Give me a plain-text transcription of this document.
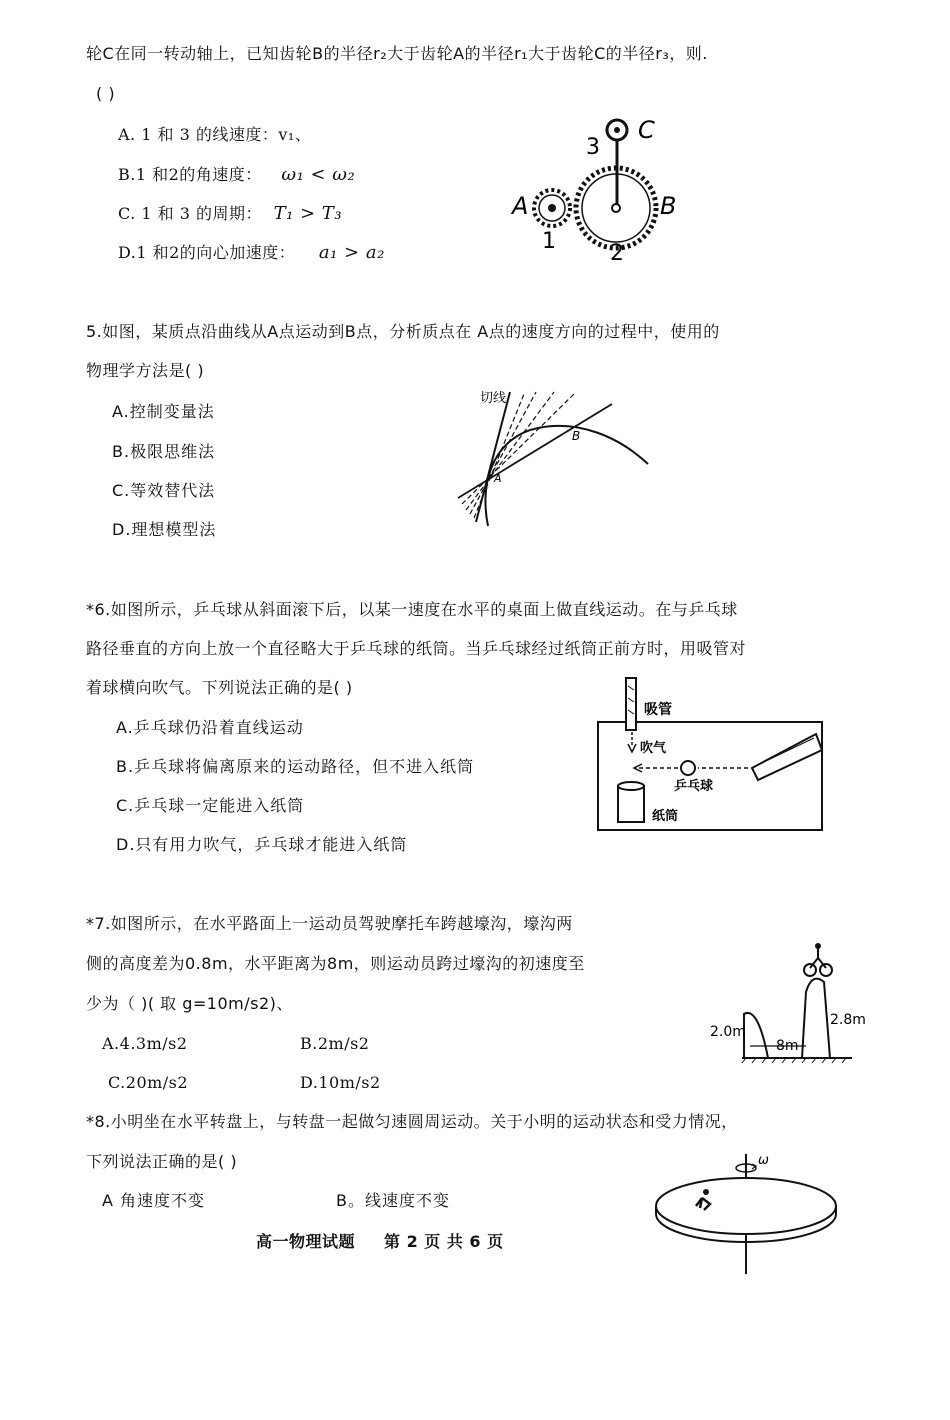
轮C在同一转动轴上，已知齿轮B的半径r₂大于齿轮A的半径r₁大于齿轮C的半径r₃，则.
( )
A. 1 和 3 的线速度：v₁、
B.1 和2的角速度： ω₁ < ω₂
C. 1 和 3 的周期： T₁ > T₃
D.1 和2的向心加速度： a₁ > a₂
A	B
C
1 2
3
5.如图，某质点沿曲线从A点运动到B点，分析质点在 A点的速度方向的过程中，使用的
物理学方法是( )
A.控制变量法
B.极限思维法
C.等效替代法
D.理想模型法
切线
A
B
*6.如图所示，乒乓球从斜面滚下后，以某一速度在水平的桌面上做直线运动。在与乒乓球
路径垂直的方向上放一个直径略大于乒乓球的纸筒。当乒乓球经过纸筒正前方时，用吸管对
着球横向吹气。下列说法正确的是( )
A.乒乓球仍沿着直线运动
B.乒乓球将偏离原来的运动路径，但不进入纸筒
C.乒乓球一定能进入纸筒
D.只有用力吹气，乒乓球才能进入纸筒
吸管
吹气
乒乓球
纸筒
*7.如图所示，在水平路面上一运动员驾驶摩托车跨越壕沟，壕沟两
侧的高度差为0.8m，水平距离为8m，则运动员跨过壕沟的初速度至
少为（ )( 取 g=10m/s2)、
A.4.3m/s2	B.2m/s2
C.20m/s2	D.10m/s2
2.0m
8m
2.8m
*8.小明坐在水平转盘上，与转盘一起做匀速圆周运动。关于小明的运动状态和受力情况，
下列说法正确的是( )
A 角速度不变	B。线速度不变
ω
高一物理试题 第 2 页 共 6 页
